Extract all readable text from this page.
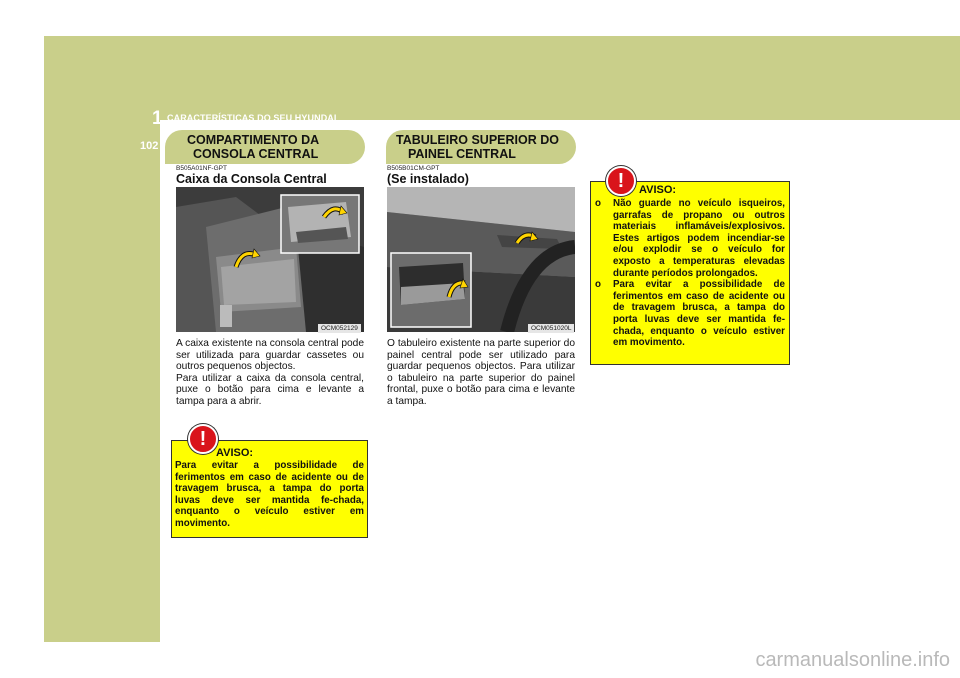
1 CARACTERÍSTICAS DO SEU HYUNDAI
102 COMPARTIMENTO DA
CONSOLA CENTRAL
B505A01NF-GPT
Caixa da Consola Central
OCM052129

A caixa existente na consola central pode ser utilizada para guardar cassetes ou outros pequenos objectos.

Para utilizar a caixa da consola central, puxe o botão para cima e levante a tampa para a abrir.

AVISO:
Para evitar a possibilidade de ferimentos em caso de acidente ou de travagem brusca, a tampa do porta luvas deve ser mantida fe-chada, enquanto o veículo estiver em movimento.
!
TABULEIRO SUPERIOR DO
PAINEL CENTRAL
B505B01CM-GPT
(Se instalado)
OCM051020L
O tabuleiro existente na parte superior do painel central pode ser utilizado para guardar pequenos objectos. Para utilizar o tabuleiro na parte superior do painel frontal, puxe o botão para cima e levante a tampa.
AVISO:
o Não guarde no veículo isqueiros, garrafas de propano ou outros materiais inflamáveis/explosivos. Estes artigos podem incendiar-se e/ou explodir se o veículo for exposto a temperaturas elevadas durante períodos prolongados.
o Para evitar a possibilidade de ferimentos em caso de acidente ou de travagem brusca, a tampa do porta luvas deve ser mantida fe-chada, enquanto o veículo estiver em movimento.
!
carmanualsonline.info
